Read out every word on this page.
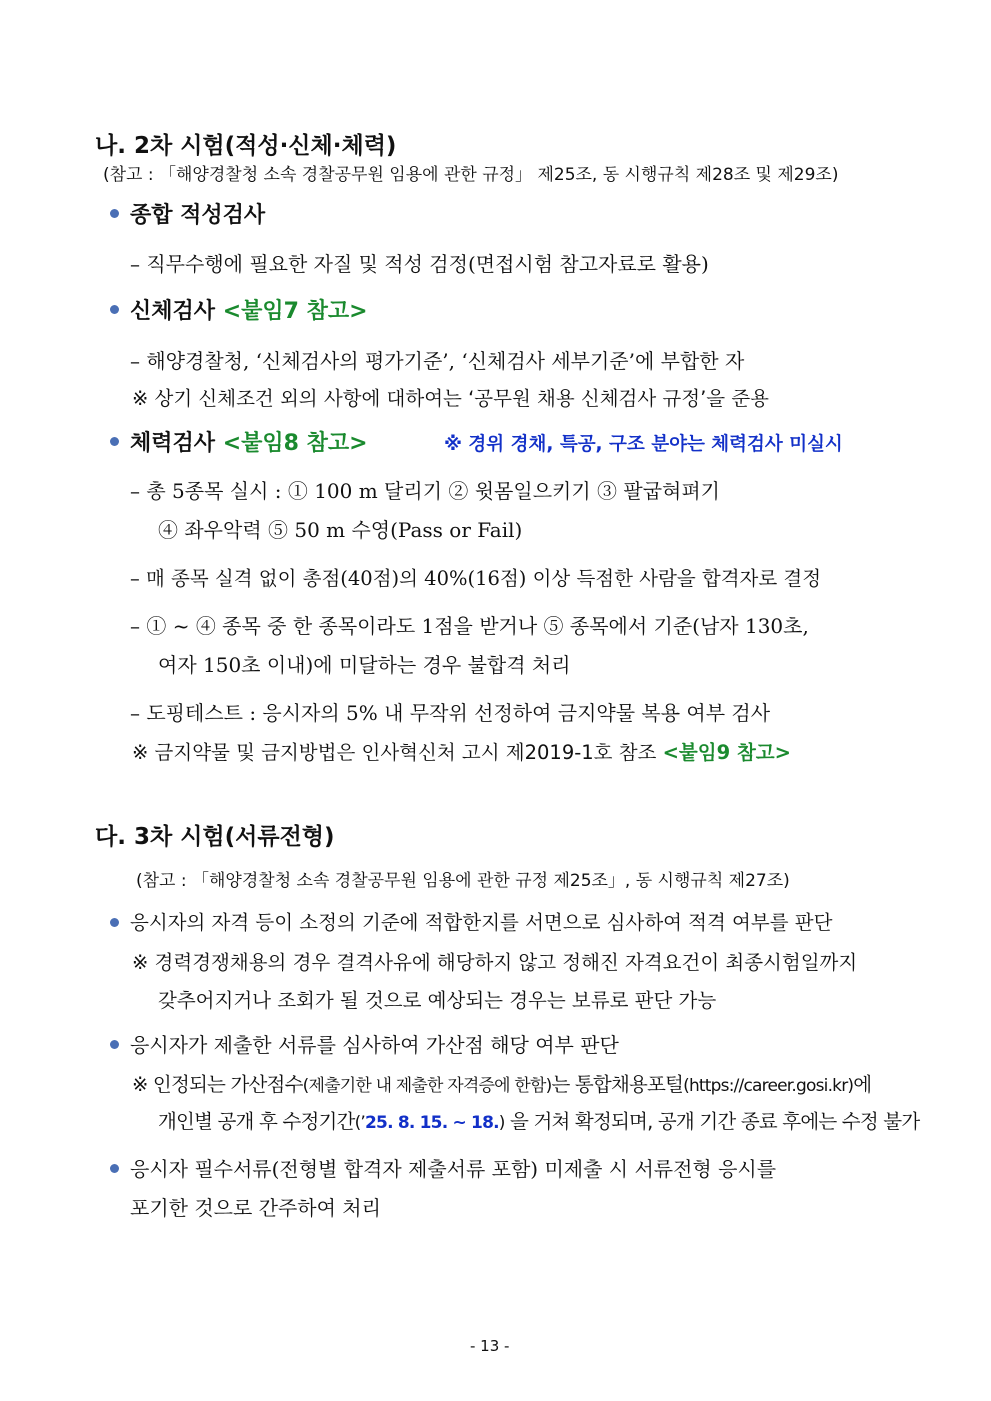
나. 2차 시험(적성·신체·체력)
(참고 : 「해양경찰청 소속 경찰공무원 임용에 관한 규정」 제25조, 동 시행규칙 제28조 및 제29조)
종합 적성검사
– 직무수행에 필요한 자질 및 적성 검정(면접시험 참고자료로 활용)
신체검사 <붙임7 참고>
– 해양경찰청, ‘신체검사의 평가기준’, ‘신체검사 세부기준’에 부합한 자
※ 상기 신체조건 외의 사항에 대하여는 ‘공무원 채용 신체검사 규정’을 준용
체력검사 <붙임8 참고>	※ 경위 경채, 특공, 구조 분야는 체력검사 미실시
– 총 5종목 실시 : ① 100 m 달리기 ② 윗몸일으키기 ③ 팔굽혀펴기
④ 좌우악력 ⑤ 50 m 수영(Pass or Fail)
– 매 종목 실격 없이 총점(40점)의 40%(16점) 이상 득점한 사람을 합격자로 결정
– ① ~ ④ 종목 중 한 종목이라도 1점을 받거나 ⑤ 종목에서 기준(남자 130초,
여자 150초 이내)에 미달하는 경우 불합격 처리
– 도핑테스트 : 응시자의 5% 내 무작위 선정하여 금지약물 복용 여부 검사
※ 금지약물 및 금지방법은 인사혁신처 고시 제2019-1호 참조 <붙임9 참고>
다. 3차 시험(서류전형)
(참고 : 「해양경찰청 소속 경찰공무원 임용에 관한 규정 제25조」, 동 시행규칙 제27조)
응시자의 자격 등이 소정의 기준에 적합한지를 서면으로 심사하여 적격 여부를 판단
※ 경력경쟁채용의 경우 결격사유에 해당하지 않고 정해진 자격요건이 최종시험일까지
갖추어지거나 조회가 될 것으로 예상되는 경우는 보류로 판단 가능
응시자가 제출한 서류를 심사하여 가산점 해당 여부 판단
※ 인정되는 가산점수(제출기한 내 제출한 자격증에 한함)는 통합채용포털(https://career.gosi.kr)에
개인별 공개 후 수정기간(’25. 8. 15. ~ 18.) 을 거쳐 확정되며, 공개 기간 종료 후에는 수정 불가
응시자 필수서류(전형별 합격자 제출서류 포함) 미제출 시 서류전형 응시를
포기한 것으로 간주하여 처리
- 13 -
